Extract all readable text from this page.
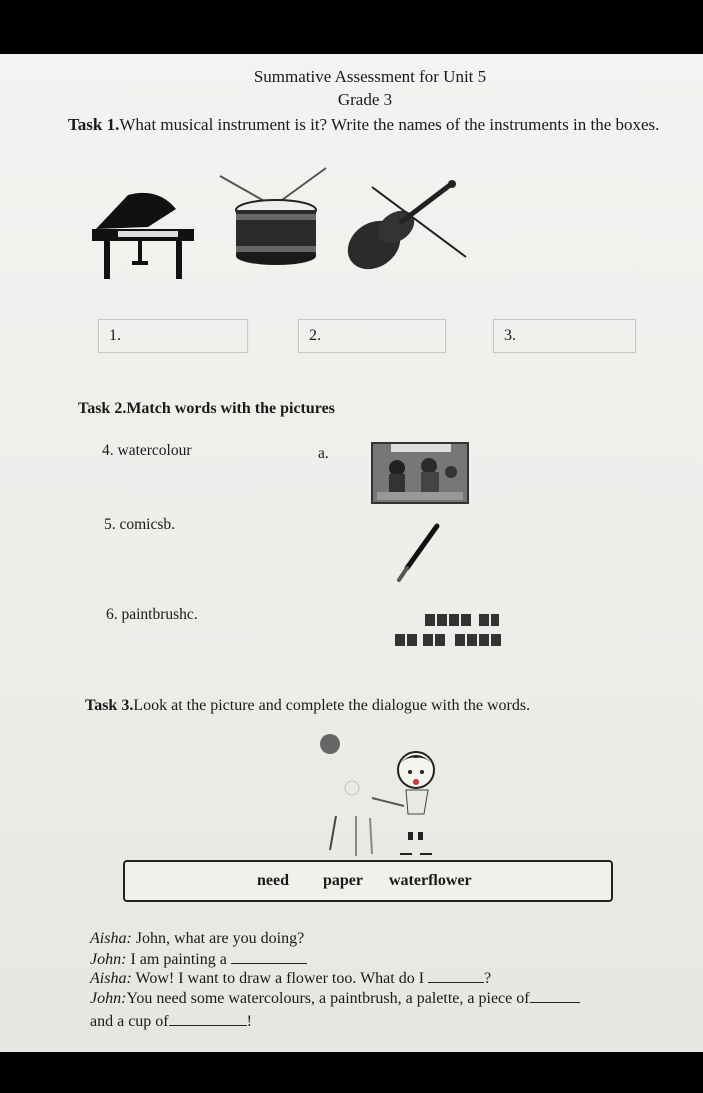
Summative Assessment for Unit 5
Grade 3
Task 1.What musical instrument is it? Write the names of the instruments in the boxes.
1.	2.	3.
Task 2.Match words with the pictures
4. watercolour	a.
5. comicsb.
6. paintbrushc.
Task 3.Look at the picture and complete the dialogue with the words.
need paper waterflower
Aisha: John, what are you doing?
John: I am painting a
Aisha: Wow! I want to draw a flower too. What do I	?
John:You need some watercolours, a paintbrush, a palette, a piece of
and a cup of	!
